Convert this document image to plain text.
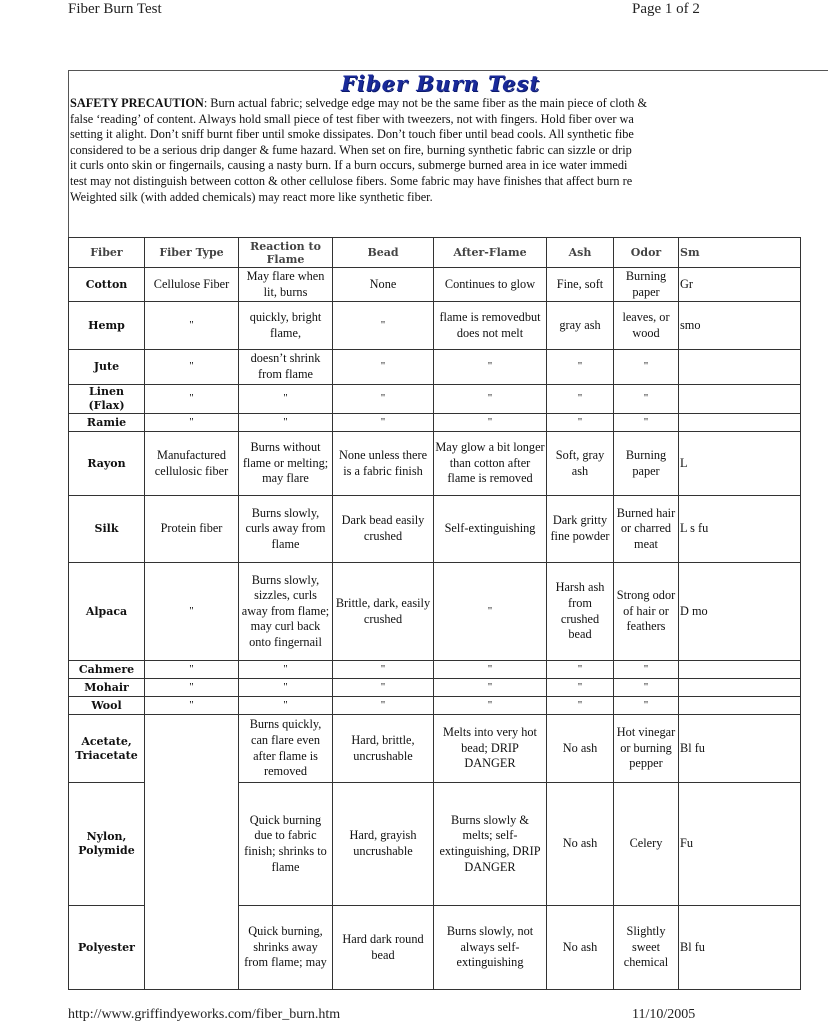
Fiber Burn Test	Page 1 of 2
Fiber Burn Test
SAFETY PRECAUTION: Burn actual fabric; selvedge edge may not be the same fiber as the main piece of cloth &
false ‘reading’ of content. Always hold small piece of test fiber with tweezers, not with fingers. Hold fiber over wa
setting it alight. Don’t sniff burnt fiber until smoke dissipates. Don’t touch fiber until bead cools. All synthetic fibe
considered to be a serious drip danger & fume hazard. When set on fire, burning synthetic fabric can sizzle or drip
it curls onto skin or fingernails, causing a nasty burn. If a burn occurs, submerge burned area in ice water immedi
test may not distinguish between cotton & other cellulose fibers. Some fabric may have finishes that affect burn re
Weighted silk (with added chemicals) may react more like synthetic fiber.
Fiber	Fiber Type	Reaction to Flame	Bead	After-Flame	Ash	Odor	Sm
Cotton	Cellulose Fiber	May flare when lit, burns	None	Continues to glow	Fine, soft	Burning paper	Gr
Hemp	"	quickly, bright flame,	"	flame is removedbut does not melt	gray ash	leaves, or wood	smo
Jute	"	doesn’t shrink from flame	"	"	"	"	
Linen (Flax)	"	"	"	"	"	"	
Ramie	"	"	"	"	"	"	
Rayon	Manufactured cellulosic fiber	Burns without flame or melting; may flare	None unless there is a fabric finish	May glow a bit longer than cotton after flame is removed	Soft, gray ash	Burning paper	L
Silk	Protein fiber	Burns slowly, curls away from flame	Dark bead easily crushed	Self-extinguishing	Dark gritty fine powder	Burned hair or charred meat	L s fu
Alpaca	"	Burns slowly, sizzles, curls away from flame; may curl back onto fingernail	Brittle, dark, easily crushed	"	Harsh ash from crushed bead	Strong odor of hair or feathers	D mo
Cahmere	"	"	"	"	"	"	
Mohair	"	"	"	"	"	"	
Wool	"	"	"	"	"	"	
Acetate, Triacetate		Burns quickly, can flare even after flame is removed	Hard, brittle, uncrushable	Melts into very hot bead; DRIP DANGER	No ash	Hot vinegar or burning pepper	Bl fu
Nylon, Polymide		Quick burning due to fabric finish; shrinks to flame	Hard, grayish uncrushable	Burns slowly & melts; self-extinguishing, DRIP DANGER	No ash	Celery	Fu
Polyester		Quick burning, shrinks away from flame; may	Hard dark round bead	Burns slowly, not always self-extinguishing	No ash	Slightly sweet chemical	Bl fu
http://www.griffindyeworks.com/fiber_burn.htm	11/10/2005
